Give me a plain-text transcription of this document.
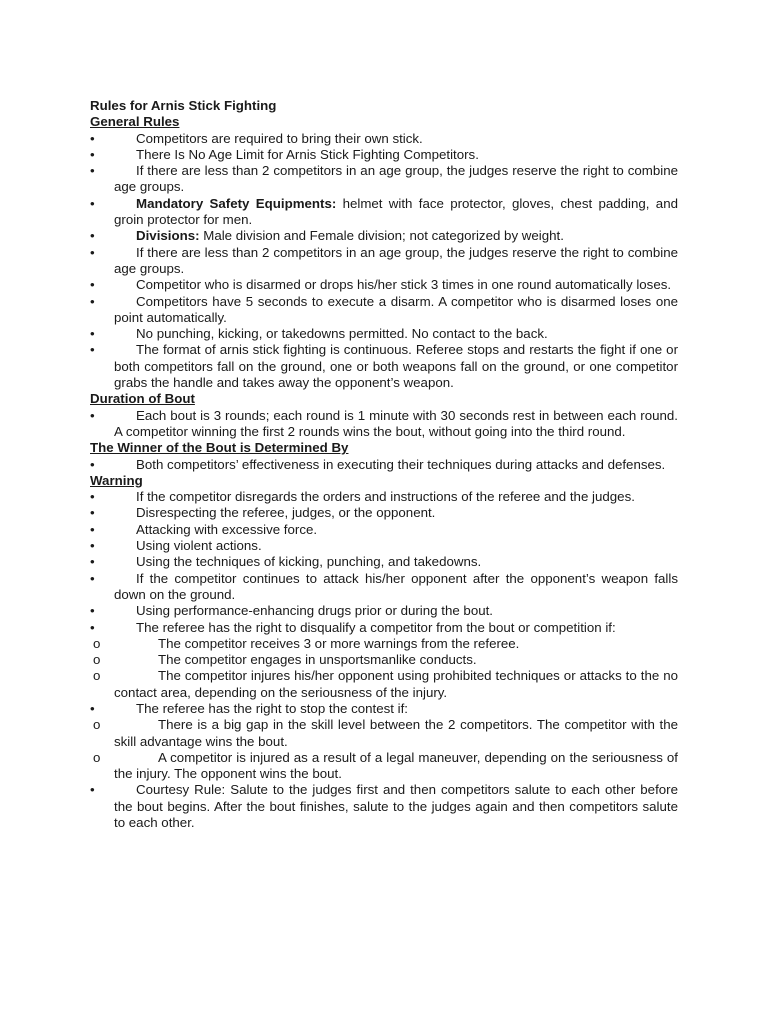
Rules for Arnis Stick Fighting
General Rules
•	Competitors are required to bring their own stick.
•	There Is No Age Limit for Arnis Stick Fighting Competitors.
•	If there are less than 2 competitors in an age group, the judges reserve the right to combine age groups.
•	Mandatory Safety Equipments: helmet with face protector, gloves, chest padding, and groin protector for men.
•	Divisions: Male division and Female division; not categorized by weight.
•	If there are less than 2 competitors in an age group, the judges reserve the right to combine age groups.
•	Competitor who is disarmed or drops his/her stick 3 times in one round automatically loses.
•	Competitors have 5 seconds to execute a disarm. A competitor who is disarmed loses one point automatically.
•	No punching, kicking, or takedowns permitted. No contact to the back.
•	The format of arnis stick fighting is continuous. Referee stops and restarts the fight if one or both competitors fall on the ground, one or both weapons fall on the ground, or one competitor grabs the handle and takes away the opponent’s weapon.
Duration of Bout
•	Each bout is 3 rounds; each round is 1 minute with 30 seconds rest in between each round. A competitor winning the first 2 rounds wins the bout, without going into the third round.
The Winner of the Bout is Determined By
•	Both competitors’ effectiveness in executing their techniques during attacks and defenses.
Warning
•	If the competitor disregards the orders and instructions of the referee and the judges.
•	Disrespecting the referee, judges, or the opponent.
•	Attacking with excessive force.
•	Using violent actions.
•	Using the techniques of kicking, punching, and takedowns.
•	If the competitor continues to attack his/her opponent after the opponent’s weapon falls down on the ground.
•	Using performance-enhancing drugs prior or during the bout.
•	The referee has the right to disqualify a competitor from the bout or competition if:
o	The competitor receives 3 or more warnings from the referee.
o	The competitor engages in unsportsmanlike conducts.
o	The competitor injures his/her opponent using prohibited techniques or attacks to the no contact area, depending on the seriousness of the injury.
•	The referee has the right to stop the contest if:
o	There is a big gap in the skill level between the 2 competitors. The competitor with the skill advantage wins the bout.
o	A competitor is injured as a result of a legal maneuver, depending on the seriousness of the injury. The opponent wins the bout.
•	Courtesy Rule: Salute to the judges first and then competitors salute to each other before the bout begins. After the bout finishes, salute to the judges again and then competitors salute to each other.
